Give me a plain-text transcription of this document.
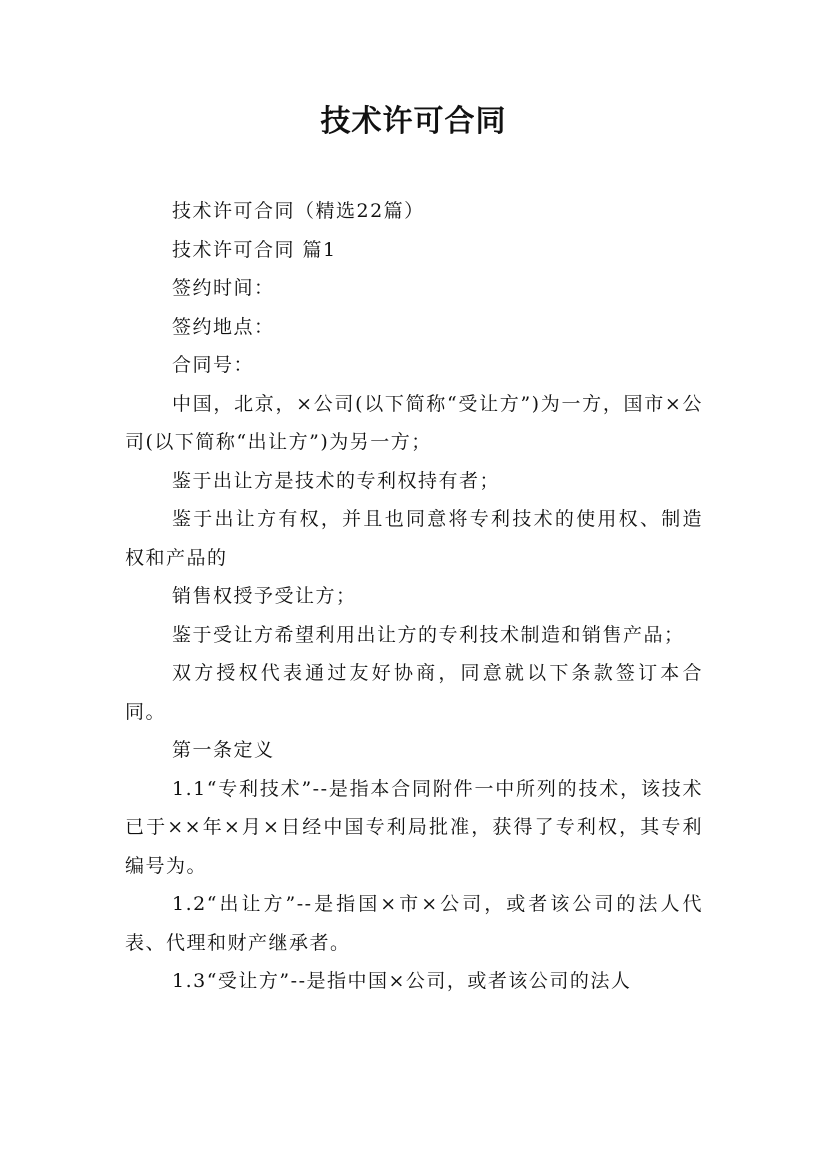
技术许可合同

技术许可合同（精选22篇）

技术许可合同 篇1

签约时间：

签约地点：

合同号：

中国，北京，×公司(以下简称“受让方”)为一方，国市×公司(以下简称“出让方”)为另一方；

鉴于出让方是技术的专利权持有者；

鉴于出让方有权，并且也同意将专利技术的使用权、制造权和产品的

销售权授予受让方；

鉴于受让方希望利用出让方的专利技术制造和销售产品；

双方授权代表通过友好协商，同意就以下条款签订本合同。

第一条定义

1.1“专利技术”--是指本合同附件一中所列的技术，该技术已于××年×月×日经中国专利局批准，获得了专利权，其专利编号为。

1.2“出让方”--是指国×市×公司，或者该公司的法人代表、代理和财产继承者。

1.3“受让方”--是指中国×公司，或者该公司的法人
